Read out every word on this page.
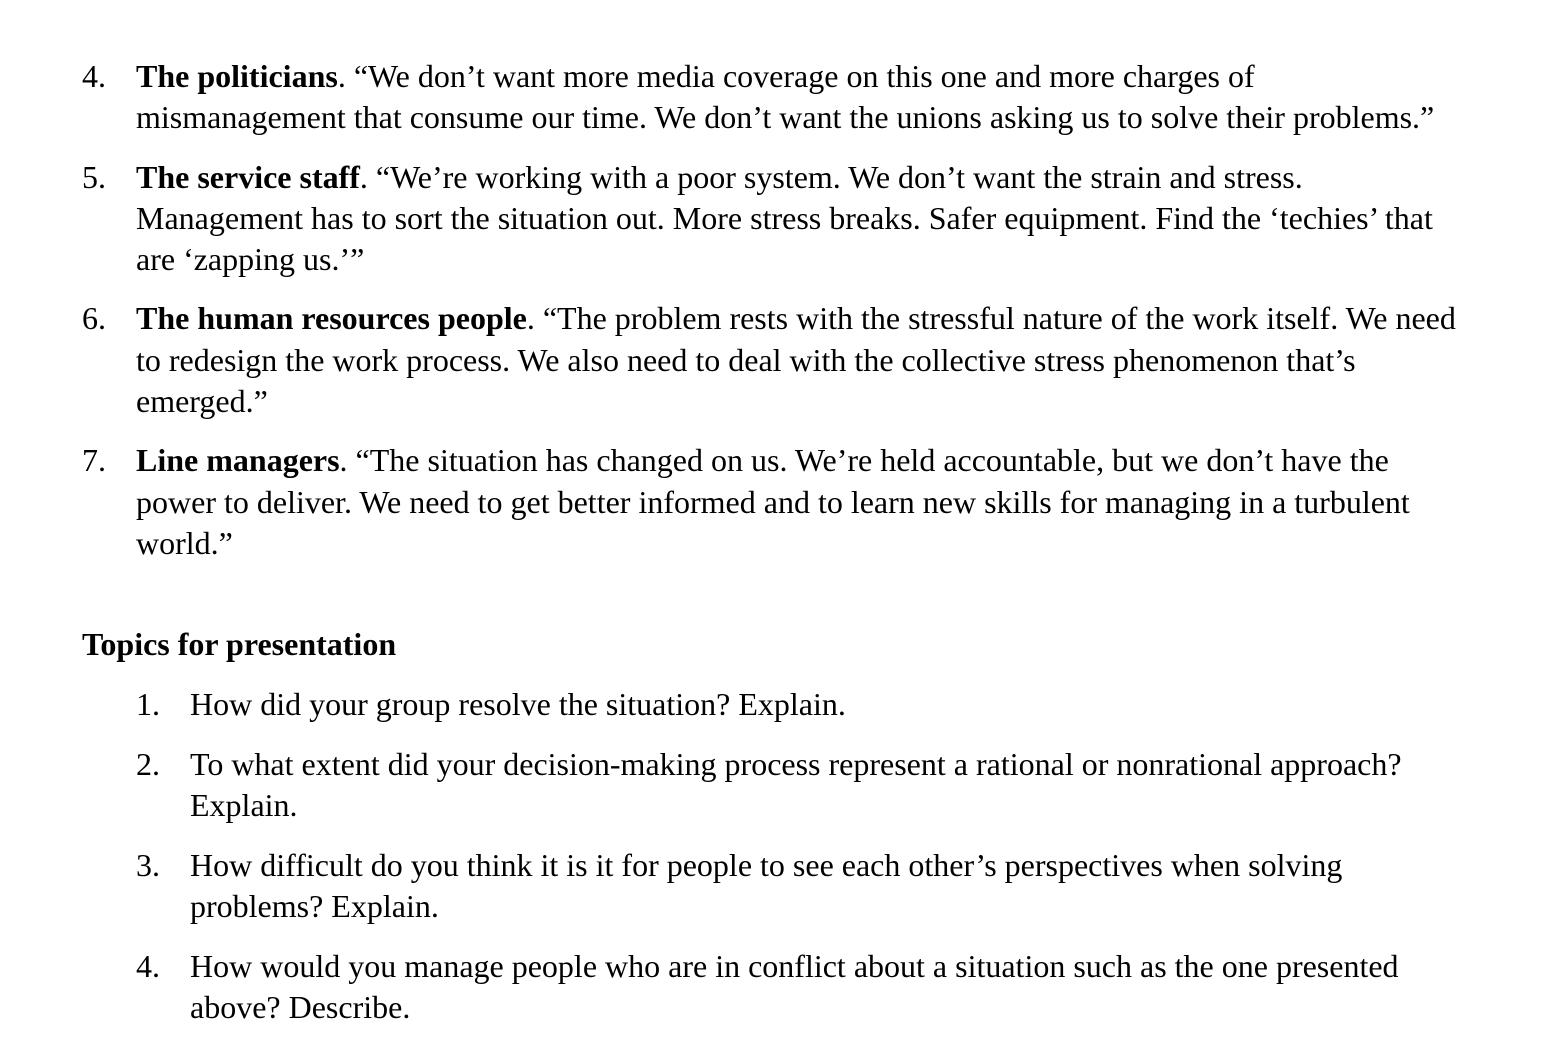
4. The politicians. “We don’t want more media coverage on this one and more charges of mismanagement that consume our time. We don’t want the unions asking us to solve their problems.”
5. The service staff. “We’re working with a poor system. We don’t want the strain and stress. Management has to sort the situation out. More stress breaks. Safer equipment. Find the ‘techies’ that are ‘zapping us.’”
6. The human resources people. “The problem rests with the stressful nature of the work itself. We need to redesign the work process. We also need to deal with the collective stress phenomenon that’s emerged.”
7. Line managers. “The situation has changed on us. We’re held accountable, but we don’t have the power to deliver. We need to get better informed and to learn new skills for managing in a turbulent world.”
Topics for presentation
1. How did your group resolve the situation? Explain.
2. To what extent did your decision-making process represent a rational or nonrational approach? Explain.
3. How difficult do you think it is it for people to see each other’s perspectives when solving problems? Explain.
4. How would you manage people who are in conflict about a situation such as the one presented above? Describe.
